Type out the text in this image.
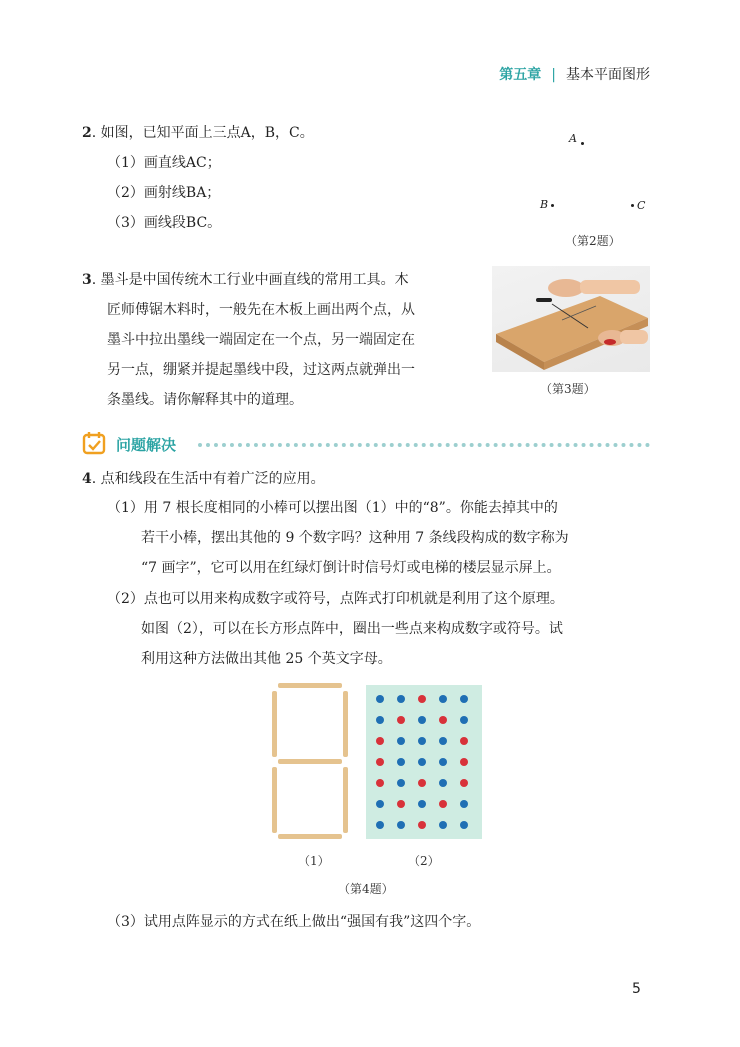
第五章 | 基本平面图形
2. 如图，已知平面上三点A，B，C。
（1）画直线AC；
（2）画射线BA；
（3）画线段BC。
A
B	C
（第2题）
3. 墨斗是中国传统木工行业中画直线的常用工具。木
匠师傅锯木料时，一般先在木板上画出两个点，从
墨斗中拉出墨线一端固定在一个点，另一端固定在
另一点，绷紧并提起墨线中段，过这两点就弹出一
条墨线。请你解释其中的道理。
（第3题）
问题解决
4. 点和线段在生活中有着广泛的应用。
（1）用 7 根长度相同的小棒可以摆出图（1）中的“8”。你能去掉其中的
若干小棒，摆出其他的 9 个数字吗？这种用 7 条线段构成的数字称为
“7 画字”，它可以用在红绿灯倒计时信号灯或电梯的楼层显示屏上。
（2）点也可以用来构成数字或符号，点阵式打印机就是利用了这个原理。
如图（2），可以在长方形点阵中，圈出一些点来构成数字或符号。试
利用这种方法做出其他 25 个英文字母。
（1）	（2）
（第4题）
（3）试用点阵显示的方式在纸上做出“强国有我”这四个字。
5
